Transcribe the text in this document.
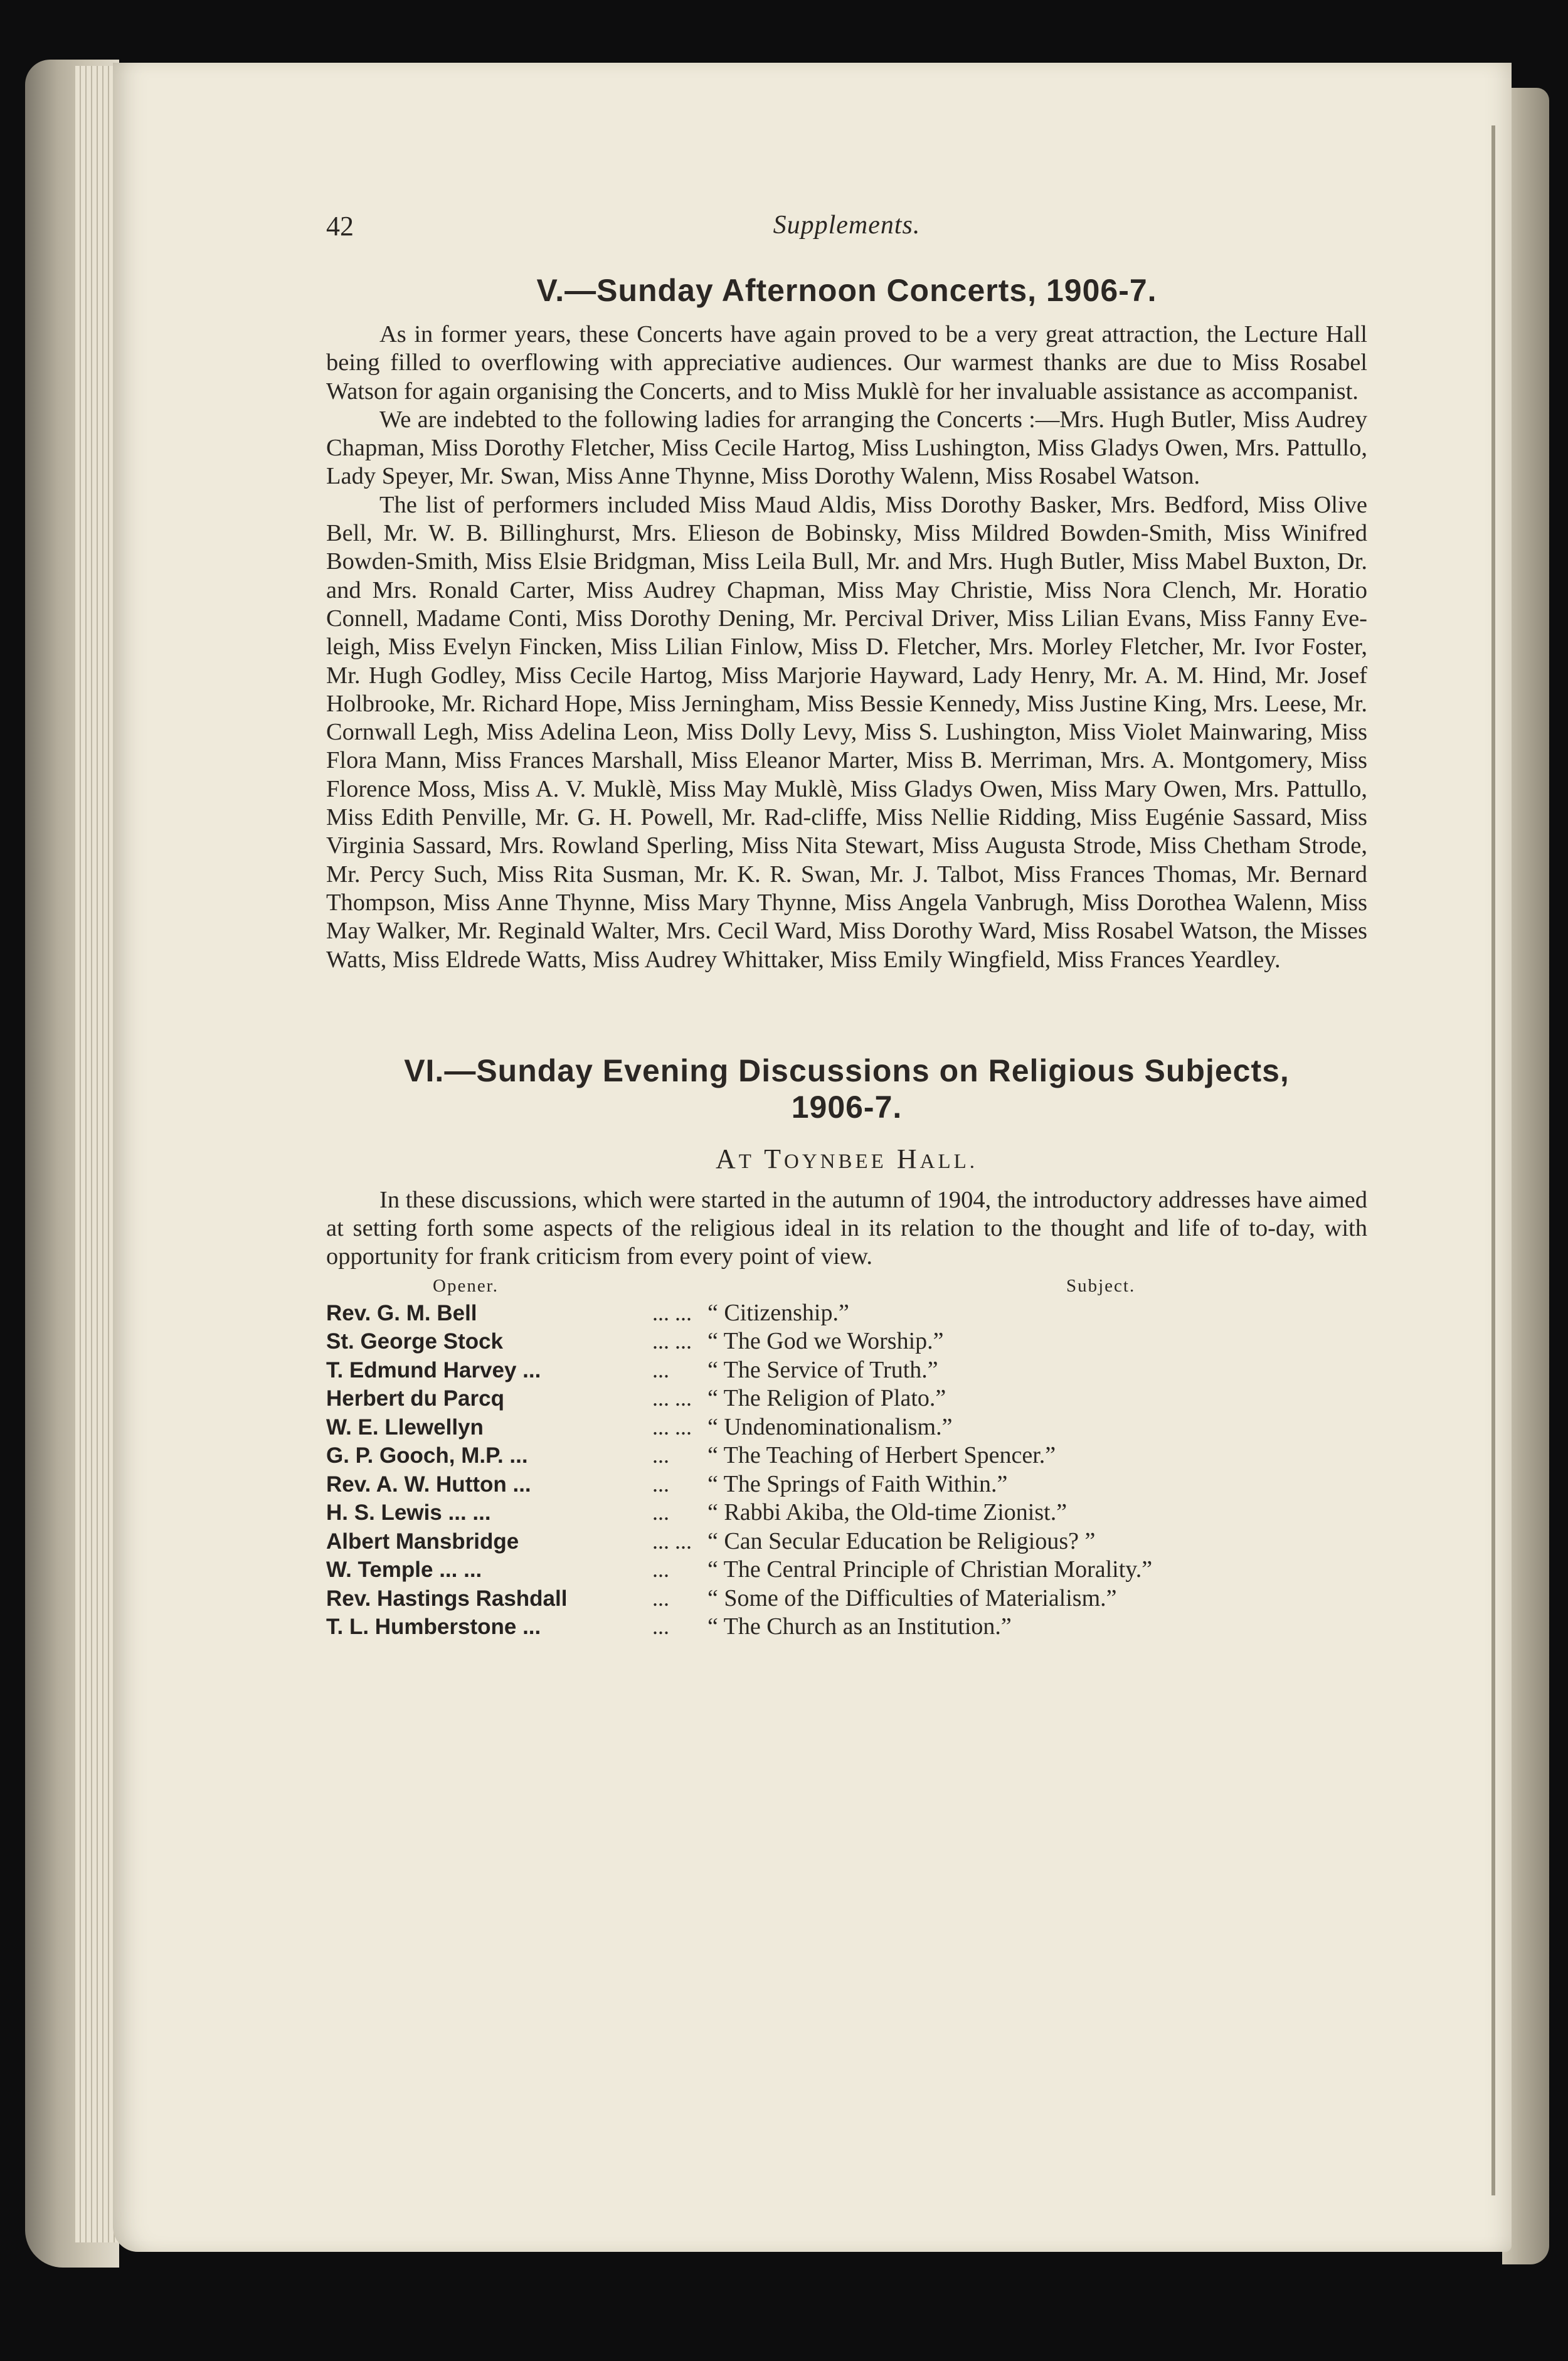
42	Supplements.
V.—Sunday Afternoon Concerts, 1906-7.

As in former years, these Concerts have again proved to be a very great attraction, the Lecture Hall being filled to overflowing with appreciative audiences. Our warmest thanks are due to Miss Rosabel Watson for again organising the Concerts, and to Miss Muklè for her invaluable assistance as accompanist.

We are indebted to the following ladies for arranging the Concerts :—Mrs. Hugh Butler, Miss Audrey Chapman, Miss Dorothy Fletcher, Miss Cecile Hartog, Miss Lushington, Miss Gladys Owen, Mrs. Pattullo, Lady Speyer, Mr. Swan, Miss Anne Thynne, Miss Dorothy Walenn, Miss Rosabel Watson.

The list of performers included Miss Maud Aldis, Miss Dorothy Basker, Mrs. Bedford, Miss Olive Bell, Mr. W. B. Billinghurst, Mrs. Elieson de Bobinsky, Miss Mildred Bowden-Smith, Miss Winifred Bowden-Smith, Miss Elsie Bridgman, Miss Leila Bull, Mr. and Mrs. Hugh Butler, Miss Mabel Buxton, Dr. and Mrs. Ronald Carter, Miss Audrey Chapman, Miss May Christie, Miss Nora Clench, Mr. Horatio Connell, Madame Conti, Miss Dorothy Dening, Mr. Percival Driver, Miss Lilian Evans, Miss Fanny Eve-leigh, Miss Evelyn Fincken, Miss Lilian Finlow, Miss D. Fletcher, Mrs. Morley Fletcher, Mr. Ivor Foster, Mr. Hugh Godley, Miss Cecile Hartog, Miss Marjorie Hayward, Lady Henry, Mr. A. M. Hind, Mr. Josef Holbrooke, Mr. Richard Hope, Miss Jerningham, Miss Bessie Kennedy, Miss Justine King, Mrs. Leese, Mr. Cornwall Legh, Miss Adelina Leon, Miss Dolly Levy, Miss S. Lushington, Miss Violet Mainwaring, Miss Flora Mann, Miss Frances Marshall, Miss Eleanor Marter, Miss B. Merriman, Mrs. A. Montgomery, Miss Florence Moss, Miss A. V. Muklè, Miss May Muklè, Miss Gladys Owen, Miss Mary Owen, Mrs. Pattullo, Miss Edith Penville, Mr. G. H. Powell, Mr. Rad-cliffe, Miss Nellie Ridding, Miss Eugénie Sassard, Miss Virginia Sassard, Mrs. Rowland Sperling, Miss Nita Stewart, Miss Augusta Strode, Miss Chetham Strode, Mr. Percy Such, Miss Rita Susman, Mr. K. R. Swan, Mr. J. Talbot, Miss Frances Thomas, Mr. Bernard Thompson, Miss Anne Thynne, Miss Mary Thynne, Miss Angela Vanbrugh, Miss Dorothea Walenn, Miss May Walker, Mr. Reginald Walter, Mrs. Cecil Ward, Miss Dorothy Ward, Miss Rosabel Watson, the Misses Watts, Miss Eldrede Watts, Miss Audrey Whittaker, Miss Emily Wingfield, Miss Frances Yeardley.

VI.—Sunday Evening Discussions on Religious Subjects,
1906-7.
AT TOYNBEE HALL.

In these discussions, which were started in the autumn of 1904, the introductory addresses have aimed at setting forth some aspects of the religious ideal in its relation to the thought and life of to-day, with opportunity for frank criticism from every point of view.

Opener.	Subject.
Rev. G. M. Bell	... ... “ Citizenship.”
St. George Stock	... ... “ The God we Worship.”
T. Edmund Harvey ...	...	“ The Service of Truth.”
Herbert du Parcq	... ... “ The Religion of Plato.”
W. E. Llewellyn	... ... “ Undenominationalism.”
G. P. Gooch, M.P. ...	...	“ The Teaching of Herbert Spencer.”
Rev. A. W. Hutton ...	...	“ The Springs of Faith Within.”
H. S. Lewis ... ...	...	“ Rabbi Akiba, the Old-time Zionist.”
Albert Mansbridge	... ... “ Can Secular Education be Religious? ”
W. Temple ... ...	...	“ The Central Principle of Christian Morality.”
Rev. Hastings Rashdall	...	“ Some of the Difficulties of Materialism.”
T. L. Humberstone ...	...	“ The Church as an Institution.”
